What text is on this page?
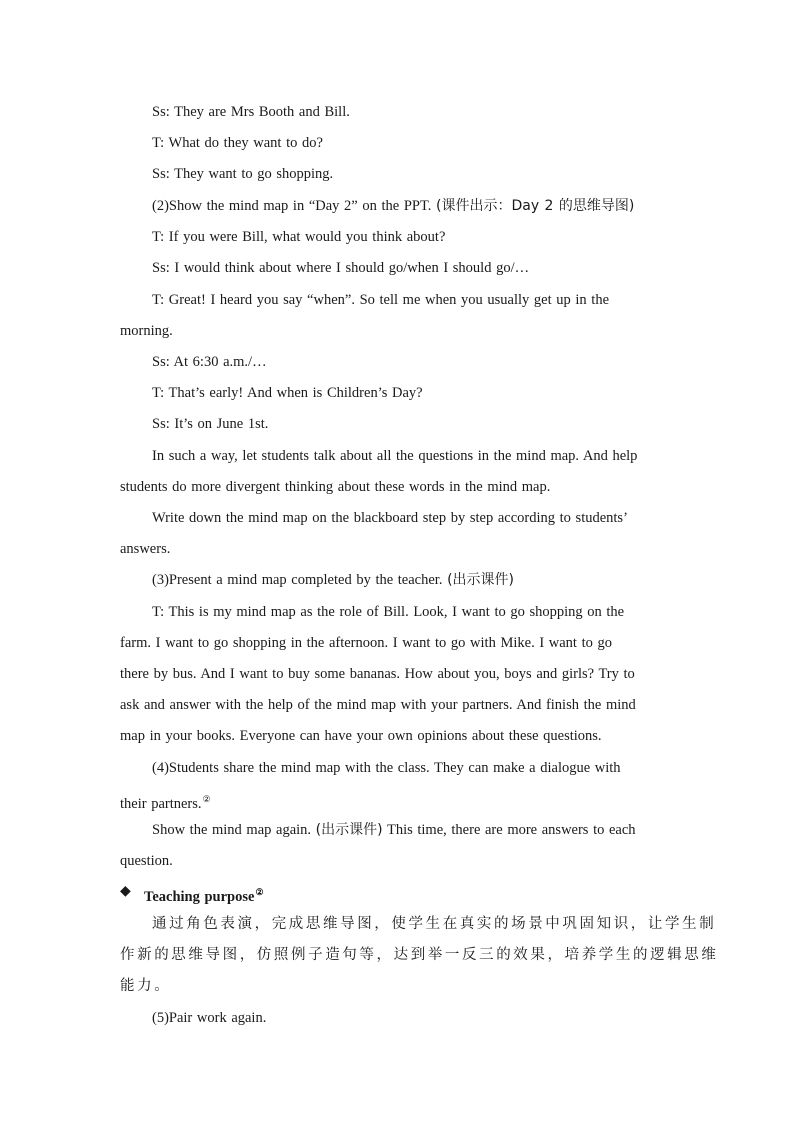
Ss: They are Mrs Booth and Bill.
T: What do they want to do?
Ss: They want to go shopping.
(2)Show the mind map in “Day 2” on the PPT. (课件出示：Day 2 的思维导图)
T: If you were Bill, what would you think about?
Ss: I would think about where I should go/when I should go/…
T: Great! I heard you say “when”. So tell me when you usually get up in the
morning.
Ss: At 6:30 a.m./…
T: That’s early! And when is Children’s Day?
Ss: It’s on June 1st.
In such a way, let students talk about all the questions in the mind map. And help
students do more divergent thinking about these words in the mind map.
Write down the mind map on the blackboard step by step according to students’
answers.
(3)Present a mind map completed by the teacher. (出示课件)
T: This is my mind map as the role of Bill. Look, I want to go shopping on the
farm. I want to go shopping in the afternoon. I want to go with Mike. I want to go
there by bus. And I want to buy some bananas. How about you, boys and girls? Try to
ask and answer with the help of the mind map with your partners. And finish the mind
map in your books. Everyone can have your own opinions about these questions.
(4)Students share the mind map with the class. They can make a dialogue with
their partners.②
Show the mind map again. (出示课件) This time, there are more answers to each
question.
◆ Teaching purpose②
通过角色表演，完成思维导图，使学生在真实的场景中巩固知识，让学生制
作新的思维导图，仿照例子造句等，达到举一反三的效果，培养学生的逻辑思维
能力。
(5)Pair work again.
